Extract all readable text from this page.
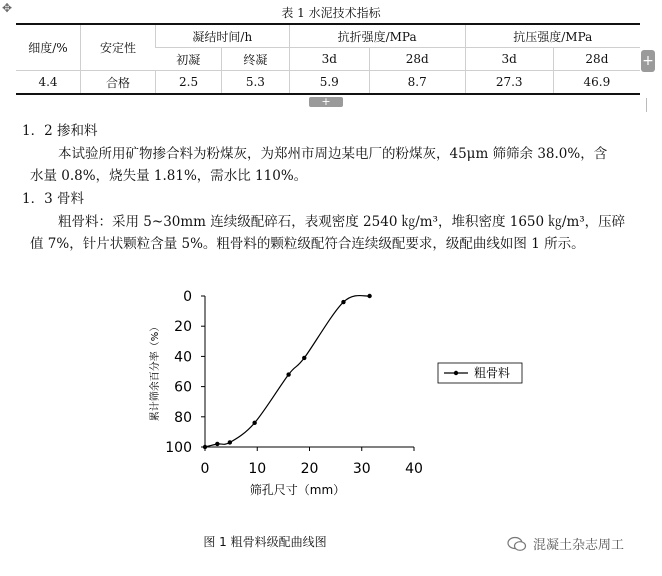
✥	表 1 水泥技术指标
细度/%	安定性	凝结时间/h		抗折强度/MPa		抗压强度/MPa	
		初凝	终凝	3d	28d	3d	28d
4.4	合格	2.5	5.3	5.9	8.7	27.3	46.9
+
+
1．2 掺和料
本试验所用矿物掺合料为粉煤灰，为郑州市周边某电厂的粉煤灰，45μm 筛筛余 38.0%，含
水量 0.8%，烧失量 1.81%，需水比 110%。
1．3 骨料
粗骨料：采用 5~30mm 连续级配碎石，表观密度 2540 ㎏/m³，堆积密度 1650 ㎏/m³，压碎
值 7%，针片状颗粒含量 5%。粗骨料的颗粒级配符合连续级配要求，级配曲线如图 1 所示。
0
20
40
60
80
100
0	10 20 30 40
筛孔尺寸（mm）
累计筛余百分率（%）	粗骨料
图 1 粗骨料级配曲线图	混凝土杂志周工
